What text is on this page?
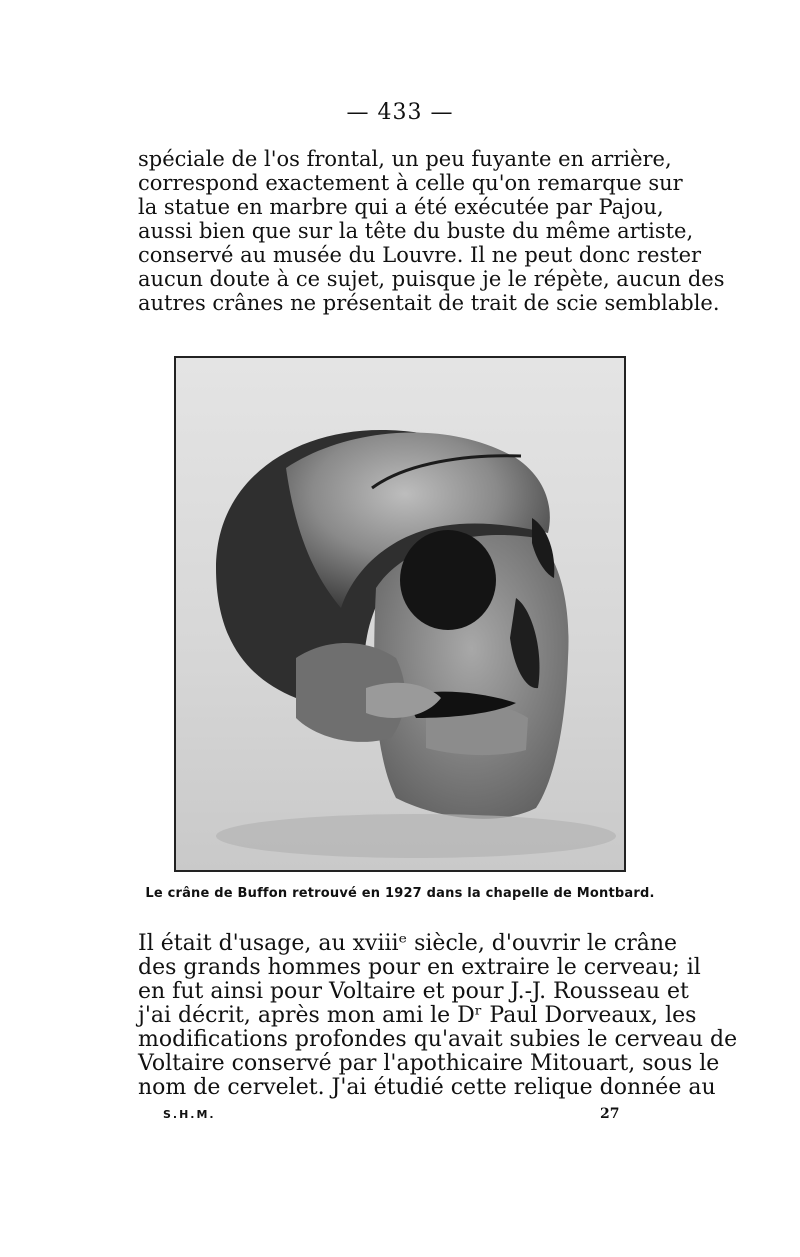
— 433 —
spéciale de l'os frontal, un peu fuyante en arrière,
correspond exactement à celle qu'on remarque sur
la statue en marbre qui a été exécutée par Pajou,
aussi bien que sur la tête du buste du même artiste,
conservé au musée du Louvre. Il ne peut donc rester
aucun doute à ce sujet, puisque je le répète, aucun des
autres crânes ne présentait de trait de scie semblable.
Le crâne de Buffon retrouvé en 1927 dans la chapelle de Montbard.
Il était d'usage, au xviiiᵉ siècle, d'ouvrir le crâne
des grands hommes pour en extraire le cerveau; il
en fut ainsi pour Voltaire et pour J.-J. Rousseau et
j'ai décrit, après mon ami le Dʳ Paul Dorveaux, les
modifications profondes qu'avait subies le cerveau de
Voltaire conservé par l'apothicaire Mitouart, sous le
nom de cervelet. J'ai étudié cette relique donnée au
S.H.M.	27
